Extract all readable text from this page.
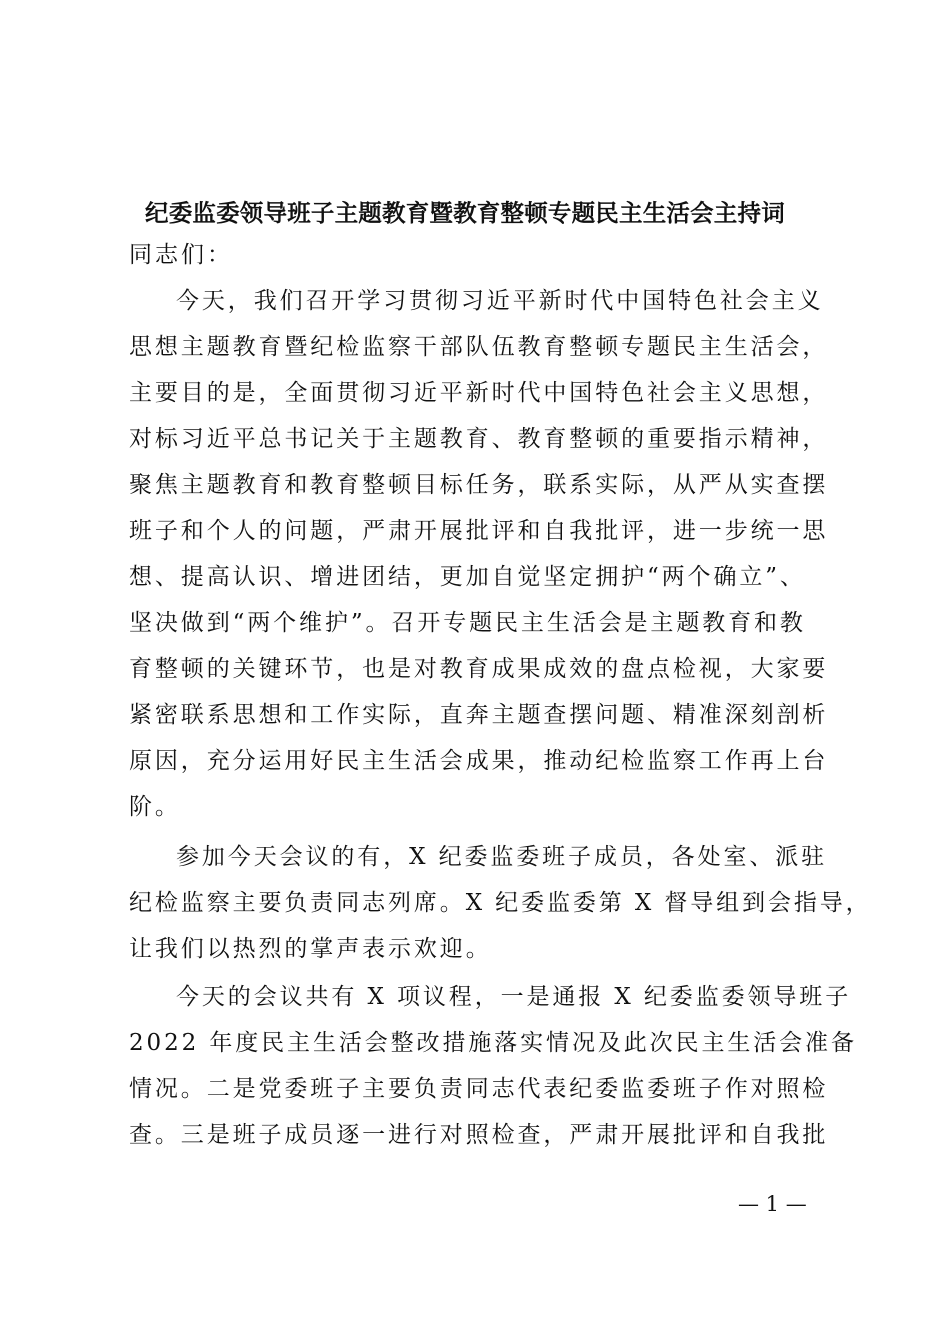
纪委监委领导班子主题教育暨教育整顿专题民主生活会主持词
同志们：
今天，我们召开学习贯彻习近平新时代中国特色社会主义
思想主题教育暨纪检监察干部队伍教育整顿专题民主生活会，
主要目的是，全面贯彻习近平新时代中国特色社会主义思想，
对标习近平总书记关于主题教育、教育整顿的重要指示精神，
聚焦主题教育和教育整顿目标任务，联系实际，从严从实查摆
班子和个人的问题，严肃开展批评和自我批评，进一步统一思
想、提高认识、增进团结，更加自觉坚定拥护“两个确立”、
坚决做到“两个维护”。召开专题民主生活会是主题教育和教
育整顿的关键环节，也是对教育成果成效的盘点检视，大家要
紧密联系思想和工作实际，直奔主题查摆问题、精准深刻剖析
原因，充分运用好民主生活会成果，推动纪检监察工作再上台
阶。
参加今天会议的有，X 纪委监委班子成员，各处室、派驻
纪检监察主要负责同志列席。X 纪委监委第 X 督导组到会指导，
让我们以热烈的掌声表示欢迎。
今天的会议共有 X 项议程，一是通报 X 纪委监委领导班子
2022 年度民主生活会整改措施落实情况及此次民主生活会准备
情况。二是党委班子主要负责同志代表纪委监委班子作对照检
查。三是班子成员逐一进行对照检查，严肃开展批评和自我批
— 1 —
